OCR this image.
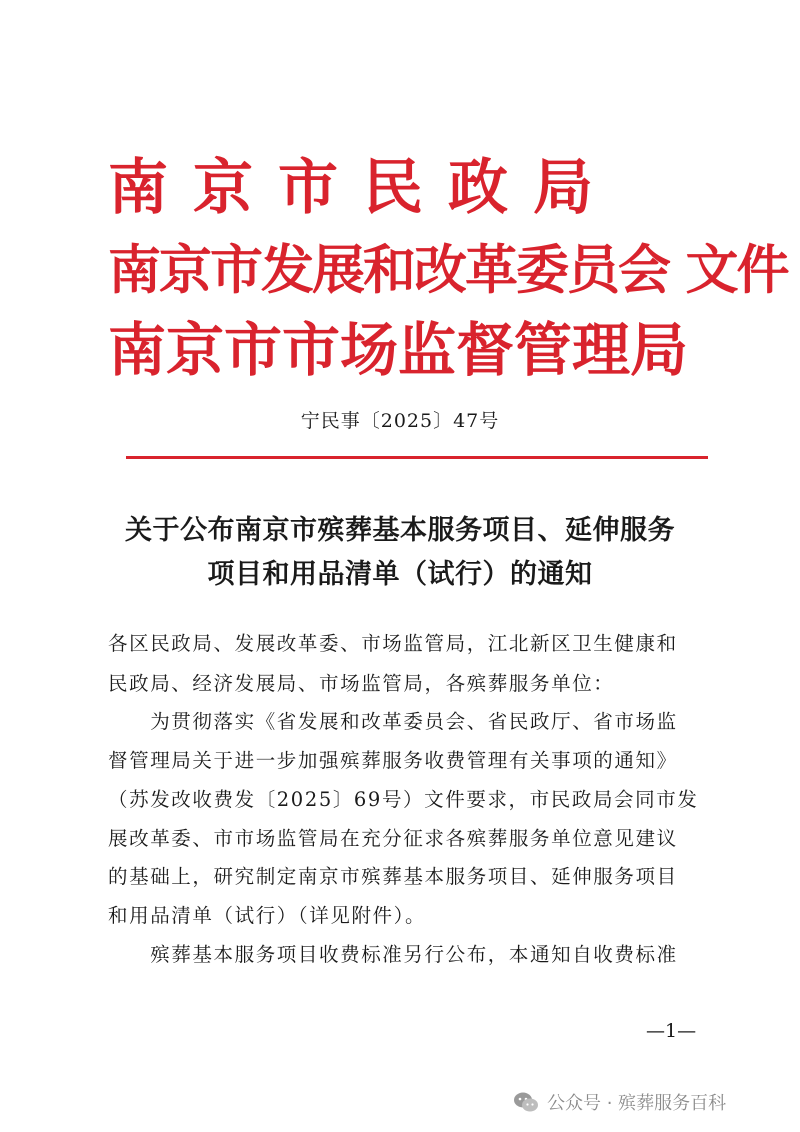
南京市民政局
南京市发展和改革委员会 文件
南京市市场监督管理局
宁民事〔2025〕47号
关于公布南京市殡葬基本服务项目、延伸服务
项目和用品清单（试行）的通知
各区民政局、发展改革委、市场监管局，江北新区卫生健康和
民政局、经济发展局、市场监管局，各殡葬服务单位：
　　为贯彻落实《省发展和改革委员会、省民政厅、省市场监
督管理局关于进一步加强殡葬服务收费管理有关事项的通知》
（苏发改收费发〔2025〕69号）文件要求，市民政局会同市发
展改革委、市市场监管局在充分征求各殡葬服务单位意见建议
的基础上，研究制定南京市殡葬基本服务项目、延伸服务项目
和用品清单（试行）（详见附件）。
　　殡葬基本服务项目收费标准另行公布，本通知自收费标准
—1—
公众号 · 殡葬服务百科
